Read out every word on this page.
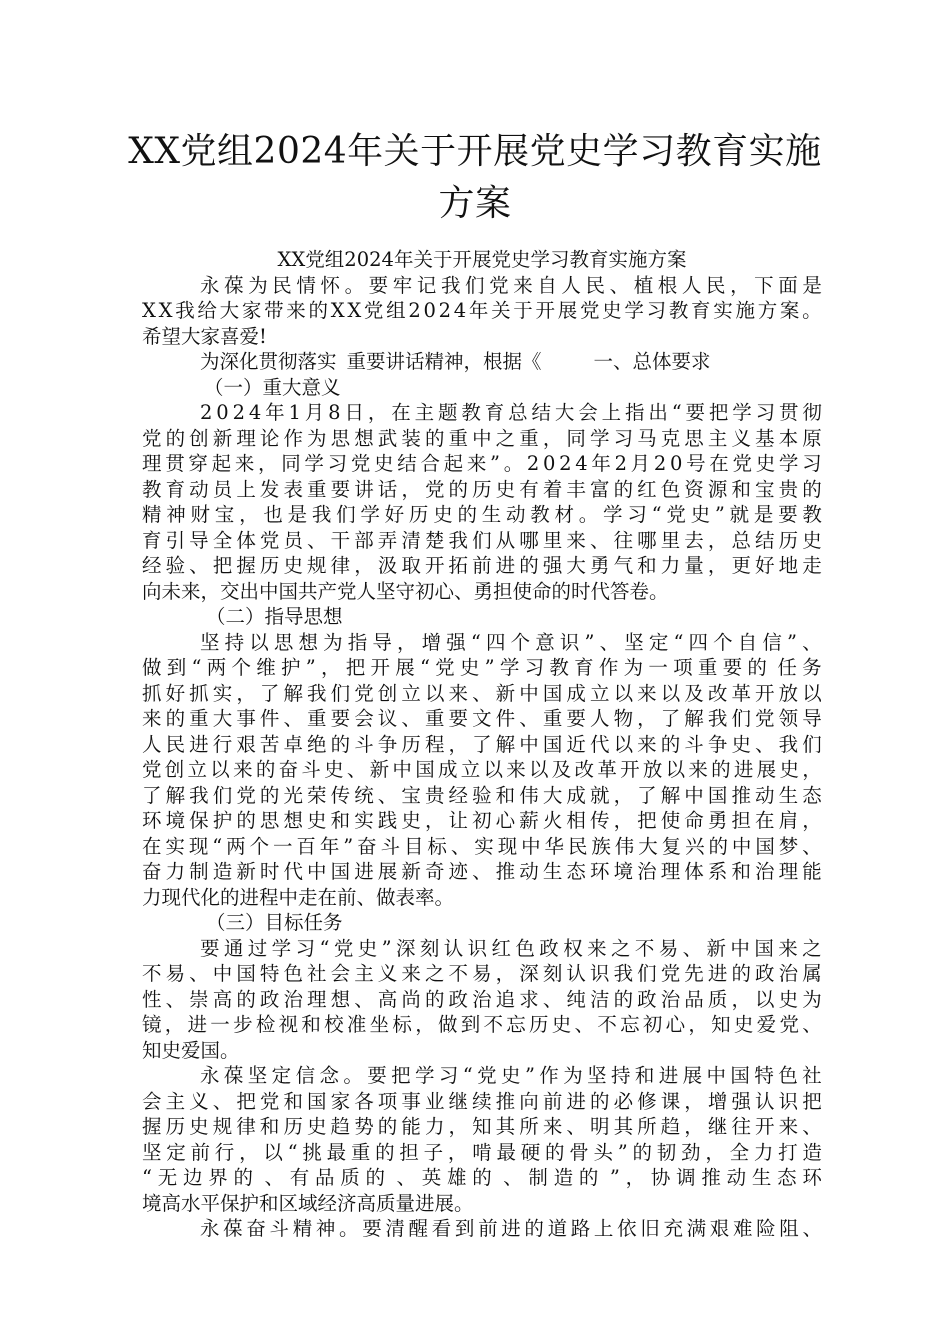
XX党组2024年关于开展党史学习教育实施
方案
XX党组2024年关于开展党史学习教育实施方案
永 葆 为 民 情 怀 。 要 牢 记 我 们 党 来 自 人 民 、 植 根 人 民 ， 下 面 是
X X 我 给 大 家 带 来 的 X X 党 组 2 0 2 4 年 关 于 开 展 党 史 学 习 教 育 实 施 方 案 。
希望大家喜爱!
为深化贯彻落实 重要讲话精神，根据《	一、总体要求
（一）重大意义
2 0 2 4 年 1 月 8 日 ， 在 主 题 教 育 总 结 大 会 上 指 出 “ 要 把 学 习 贯 彻
党 的 创 新 理 论 作 为 思 想 武 装 的 重 中 之 重 ， 同 学 习 马 克 思 主 义 基 本 原
理 贯 穿 起 来 ， 同 学 习 党 史 结 合 起 来 ” 。 2 0 2 4 年 2 月 2 0 号 在 党 史 学 习
教 育 动 员 上 发 表 重 要 讲 话 ， 党 的 历 史 有 着 丰 富 的 红 色 资 源 和 宝 贵 的
精 神 财 宝 ， 也 是 我 们 学 好 历 史 的 生 动 教 材 。 学 习 “ 党 史 ” 就 是 要 教
育 引 导 全 体 党 员 、 干 部 弄 清 楚 我 们 从 哪 里 来 、 往 哪 里 去 ， 总 结 历 史
经 验 、 把 握 历 史 规 律 ， 汲 取 开 拓 前 进 的 强 大 勇 气 和 力 量 ， 更 好 地 走
向未来，交出中国共产党人坚守初心、勇担使命的时代答卷。
（二）指导思想
坚 持 以 思 想 为 指 导 ， 增 强 “ 四 个 意 识 ” 、 坚 定 “ 四 个 自 信 ” 、
做 到 “ 两 个 维 护 ” ， 把 开 展 “ 党 史 ” 学 习 教 育 作 为 一 项 重 要 的 任 务
抓 好 抓 实 ， 了 解 我 们 党 创 立 以 来 、 新 中 国 成 立 以 来 以 及 改 革 开 放 以
来 的 重 大 事 件 、 重 要 会 议 、 重 要 文 件 、 重 要 人 物 ， 了 解 我 们 党 领 导
人 民 进 行 艰 苦 卓 绝 的 斗 争 历 程 ， 了 解 中 国 近 代 以 来 的 斗 争 史 、 我 们
党 创 立 以 来 的 奋 斗 史 、 新 中 国 成 立 以 来 以 及 改 革 开 放 以 来 的 进 展 史 ，
了 解 我 们 党 的 光 荣 传 统 、 宝 贵 经 验 和 伟 大 成 就 ， 了 解 中 国 推 动 生 态
环 境 保 护 的 思 想 史 和 实 践 史 ， 让 初 心 薪 火 相 传 ， 把 使 命 勇 担 在 肩 ，
在 实 现 “ 两 个 一 百 年 ” 奋 斗 目 标 、 实 现 中 华 民 族 伟 大 复 兴 的 中 国 梦 、
奋 力 制 造 新 时 代 中 国 进 展 新 奇 迹 、 推 动 生 态 环 境 治 理 体 系 和 治 理 能
力现代化的进程中走在前、做表率。
（三）目标任务
要 通 过 学 习 “ 党 史 ” 深 刻 认 识 红 色 政 权 来 之 不 易 、 新 中 国 来 之
不 易 、 中 国 特 色 社 会 主 义 来 之 不 易 ， 深 刻 认 识 我 们 党 先 进 的 政 治 属
性 、 崇 高 的 政 治 理 想 、 高 尚 的 政 治 追 求 、 纯 洁 的 政 治 品 质 ， 以 史 为
镜 ， 进 一 步 检 视 和 校 准 坐 标 ， 做 到 不 忘 历 史 、 不 忘 初 心 ， 知 史 爱 党 、
知史爱国。
永 葆 坚 定 信 念 。 要 把 学 习 “ 党 史 ” 作 为 坚 持 和 进 展 中 国 特 色 社
会 主 义 、 把 党 和 国 家 各 项 事 业 继 续 推 向 前 进 的 必 修 课 ， 增 强 认 识 把
握 历 史 规 律 和 历 史 趋 势 的 能 力 ， 知 其 所 来 、 明 其 所 趋 ， 继 往 开 来 、
坚 定 前 行 ， 以 “ 挑 最 重 的 担 子 ， 啃 最 硬 的 骨 头 ” 的 韧 劲 ， 全 力 打 造
“ 无 边 界 的 、 有 品 质 的 、 英 雄 的 、 制 造 的 ” ， 协 调 推 动 生 态 环
境高水平保护和区域经济高质量进展。
永 葆 奋 斗 精 神 。 要 清 醒 看 到 前 进 的 道 路 上 依 旧 充 满 艰 难 险 阻 、
